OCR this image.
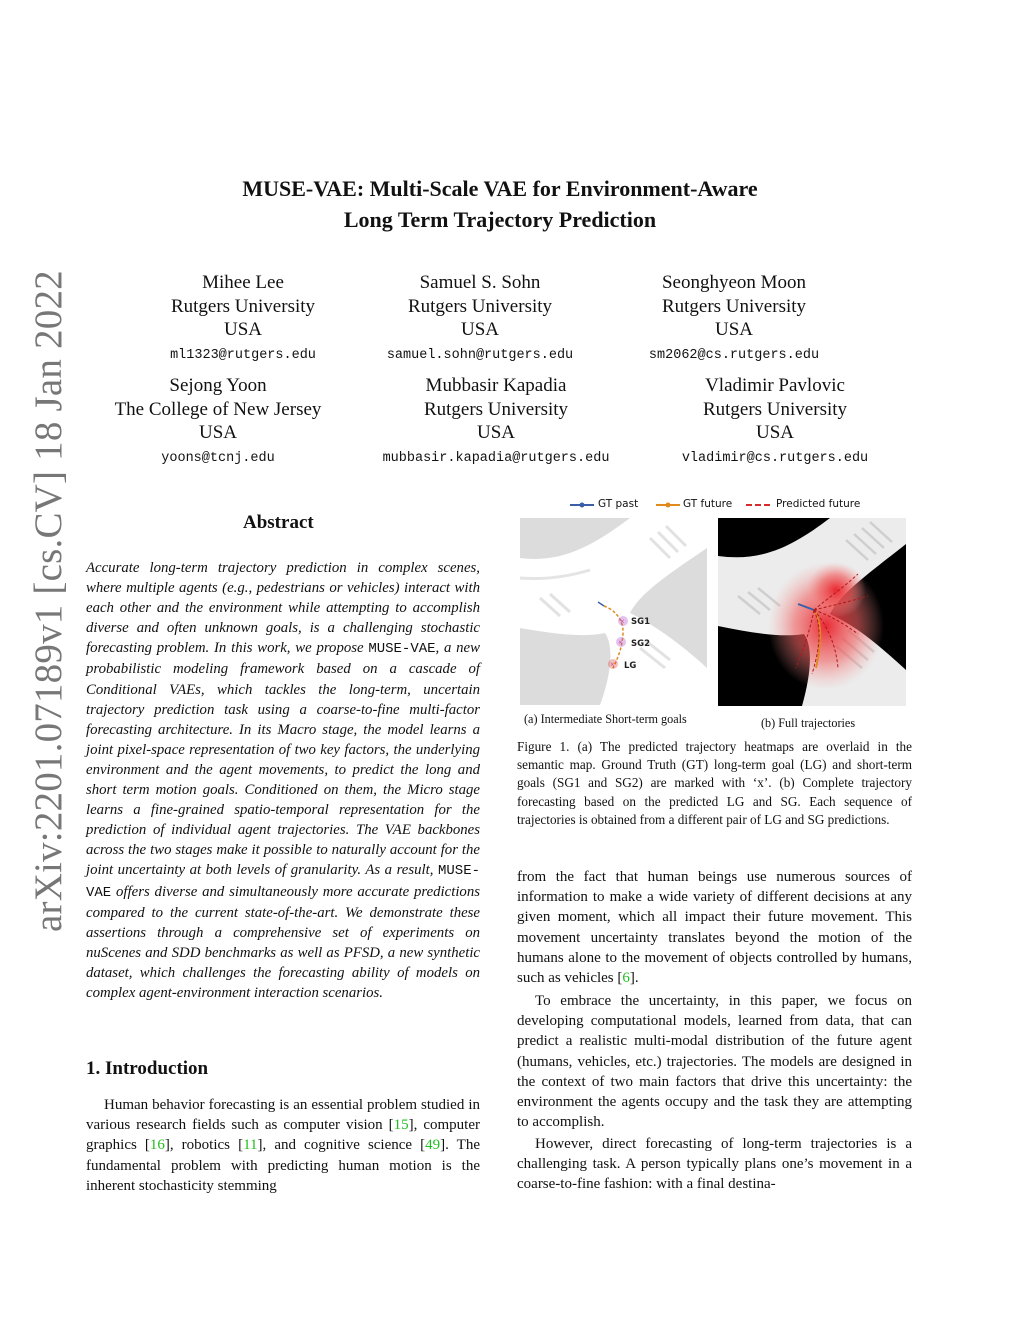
arXiv:2201.07189v1 [cs.CV] 18 Jan 2022
MUSE-VAE: Multi-Scale VAE for Environment-Aware
Long Term Trajectory Prediction
Mihee Lee
Rutgers University
USA
ml1323@rutgers.edu
Samuel S. Sohn
Rutgers University
USA
samuel.sohn@rutgers.edu
Seonghyeon Moon
Rutgers University
USA
sm2062@cs.rutgers.edu
Sejong Yoon
The College of New Jersey
USA
yoons@tcnj.edu
Mubbasir Kapadia
Rutgers University
USA
mubbasir.kapadia@rutgers.edu
Vladimir Pavlovic
Rutgers University
USA
vladimir@cs.rutgers.edu
Abstract
Accurate long-term trajectory prediction in complex scenes, where multiple agents (e.g., pedestrians or vehicles) interact with each other and the environment while attempting to accomplish diverse and often unknown goals, is a challenging stochastic forecasting problem. In this work, we propose MUSE-VAE, a new probabilistic modeling framework based on a cascade of Conditional VAEs, which tackles the long-term, uncertain trajectory prediction task using a coarse-to-fine multi-factor forecasting architecture. In its Macro stage, the model learns a joint pixel-space representation of two key factors, the underlying environment and the agent movements, to predict the long and short term motion goals. Conditioned on them, the Micro stage learns a fine-grained spatio-temporal representation for the prediction of individual agent trajectories. The VAE backbones across the two stages make it possible to naturally account for the joint uncertainty at both levels of granularity. As a result, MUSE-VAE offers diverse and simultaneously more accurate predictions compared to the current state-of-the-art. We demonstrate these assertions through a comprehensive set of experiments on nuScenes and SDD benchmarks as well as PFSD, a new synthetic dataset, which challenges the forecasting ability of models on complex agent-environment interaction scenarios.
1. Introduction
Human behavior forecasting is an essential problem studied in various research fields such as computer vision [15], computer graphics [16], robotics [11], and cognitive science [49]. The fundamental problem with predicting human motion is the inherent stochasticity stemming
GT past	GT future	Predicted future
×
×
×
SG1
SG2
LG
(a) Intermediate Short-term goals	(b) Full trajectories
Figure 1. (a) The predicted trajectory heatmaps are overlaid in the semantic map. Ground Truth (GT) long-term goal (LG) and short-term goals (SG1 and SG2) are marked with ‘x’. (b) Complete trajectory forecasting based on the predicted LG and SG. Each sequence of trajectories is obtained from a different pair of LG and SG predictions.
from the fact that human beings use numerous sources of information to make a wide variety of different decisions at any given moment, which all impact their future movement. This movement uncertainty translates beyond the motion of the humans alone to the movement of objects controlled by humans, such as vehicles [6].
To embrace the uncertainty, in this paper, we focus on developing computational models, learned from data, that can predict a realistic multi-modal distribution of the future agent (humans, vehicles, etc.) trajectories. The models are designed in the context of two main factors that drive this uncertainty: the environment the agents occupy and the task they are attempting to accomplish.
However, direct forecasting of long-term trajectories is a challenging task. A person typically plans one’s movement in a coarse-to-fine fashion: with a final destina-
